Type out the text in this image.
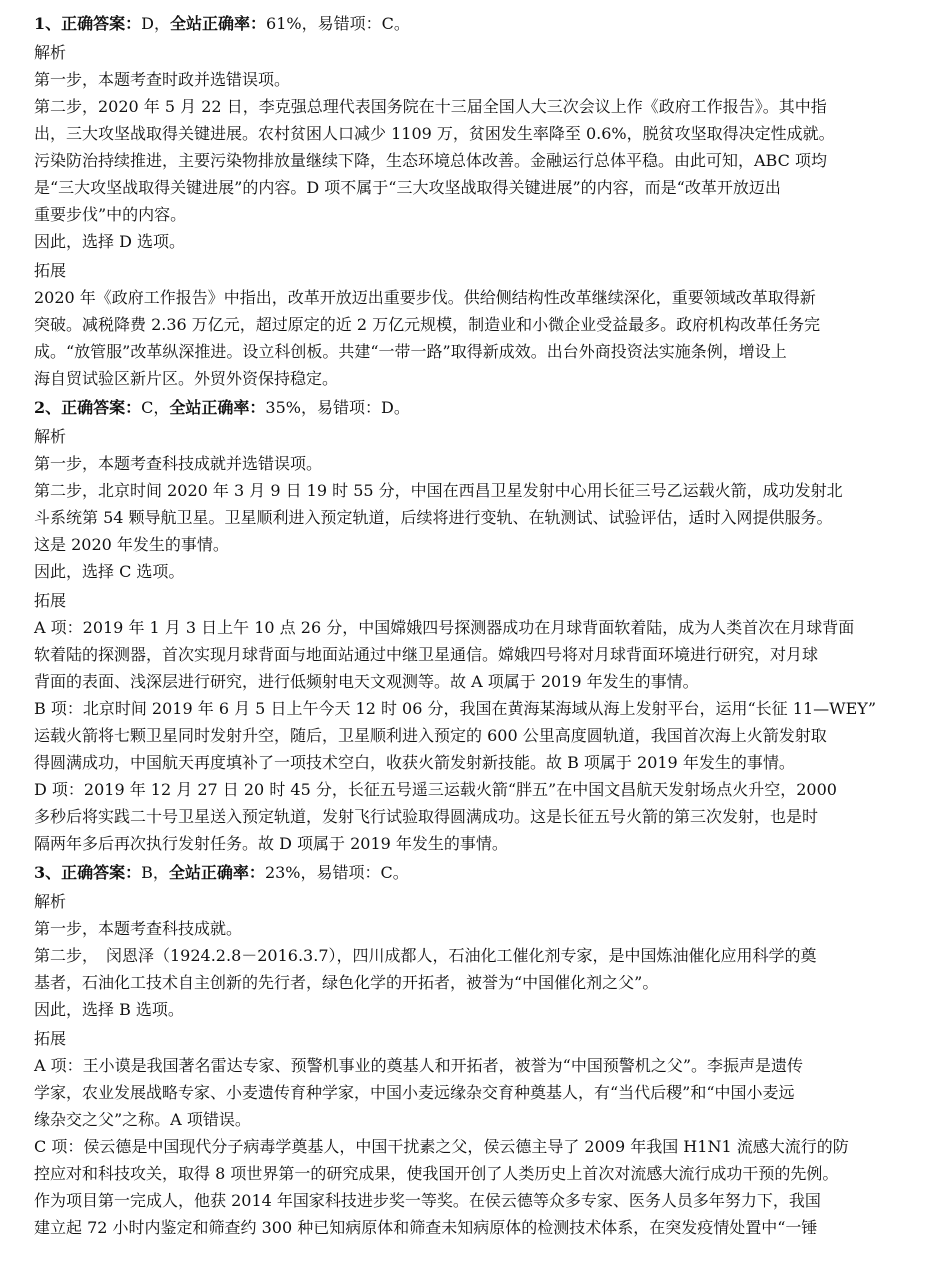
1、正确答案：D，全站正确率：61%，易错项：C。
解析
第一步，本题考查时政并选错误项。
第二步，2020 年 5 月 22 日，李克强总理代表国务院在十三届全国人大三次会议上作《政府工作报告》。其中指
出，三大攻坚战取得关键进展。农村贫困人口减少 1109 万，贫困发生率降至 0.6%，脱贫攻坚取得决定性成就。
污染防治持续推进，主要污染物排放量继续下降，生态环境总体改善。金融运行总体平稳。由此可知，ABC 项均
是“三大攻坚战取得关键进展”的内容。D 项不属于“三大攻坚战取得关键进展”的内容，而是“改革开放迈出
重要步伐”中的内容。
因此，选择 D 选项。
拓展
2020 年《政府工作报告》中指出，改革开放迈出重要步伐。供给侧结构性改革继续深化，重要领域改革取得新
突破。减税降费 2.36 万亿元，超过原定的近 2 万亿元规模，制造业和小微企业受益最多。政府机构改革任务完
成。“放管服”改革纵深推进。设立科创板。共建“一带一路”取得新成效。出台外商投资法实施条例，增设上
海自贸试验区新片区。外贸外资保持稳定。
2、正确答案：C，全站正确率：35%，易错项：D。
解析
第一步，本题考查科技成就并选错误项。
第二步，北京时间 2020 年 3 月 9 日 19 时 55 分，中国在西昌卫星发射中心用长征三号乙运载火箭，成功发射北
斗系统第 54 颗导航卫星。卫星顺利进入预定轨道，后续将进行变轨、在轨测试、试验评估，适时入网提供服务。
这是 2020 年发生的事情。
因此，选择 C 选项。
拓展
A 项：2019 年 1 月 3 日上午 10 点 26 分，中国嫦娥四号探测器成功在月球背面软着陆，成为人类首次在月球背面
软着陆的探测器，首次实现月球背面与地面站通过中继卫星通信。嫦娥四号将对月球背面环境进行研究，对月球
背面的表面、浅深层进行研究，进行低频射电天文观测等。故 A 项属于 2019 年发生的事情。
B 项：北京时间 2019 年 6 月 5 日上午今天 12 时 06 分，我国在黄海某海域从海上发射平台，运用“长征 11—WEY”
运载火箭将七颗卫星同时发射升空，随后，卫星顺利进入预定的 600 公里高度圆轨道，我国首次海上火箭发射取
得圆满成功，中国航天再度填补了一项技术空白，收获火箭发射新技能。故 B 项属于 2019 年发生的事情。
D 项：2019 年 12 月 27 日 20 时 45 分，长征五号遥三运载火箭“胖五”在中国文昌航天发射场点火升空，2000
多秒后将实践二十号卫星送入预定轨道，发射飞行试验取得圆满成功。这是长征五号火箭的第三次发射，也是时
隔两年多后再次执行发射任务。故 D 项属于 2019 年发生的事情。
3、正确答案：B，全站正确率：23%，易错项：C。
解析
第一步，本题考查科技成就。
第二步，　闵恩泽（1924.2.8－2016.3.7），四川成都人，石油化工催化剂专家，是中国炼油催化应用科学的奠
基者，石油化工技术自主创新的先行者，绿色化学的开拓者，被誉为“中国催化剂之父”。
因此，选择 B 选项。
拓展
A 项：王小谟是我国著名雷达专家、预警机事业的奠基人和开拓者，被誉为“中国预警机之父”。李振声是遗传
学家，农业发展战略专家、小麦遗传育种学家，中国小麦远缘杂交育种奠基人，有“当代后稷”和“中国小麦远
缘杂交之父”之称。A 项错误。
C 项：侯云德是中国现代分子病毒学奠基人，中国干扰素之父，侯云德主导了 2009 年我国 H1N1 流感大流行的防
控应对和科技攻关，取得 8 项世界第一的研究成果，使我国开创了人类历史上首次对流感大流行成功干预的先例。
作为项目第一完成人，他获 2014 年国家科技进步奖一等奖。在侯云德等众多专家、医务人员多年努力下，我国
建立起 72 小时内鉴定和筛查约 300 种已知病原体和筛查未知病原体的检测技术体系，在突发疫情处置中“一锤
